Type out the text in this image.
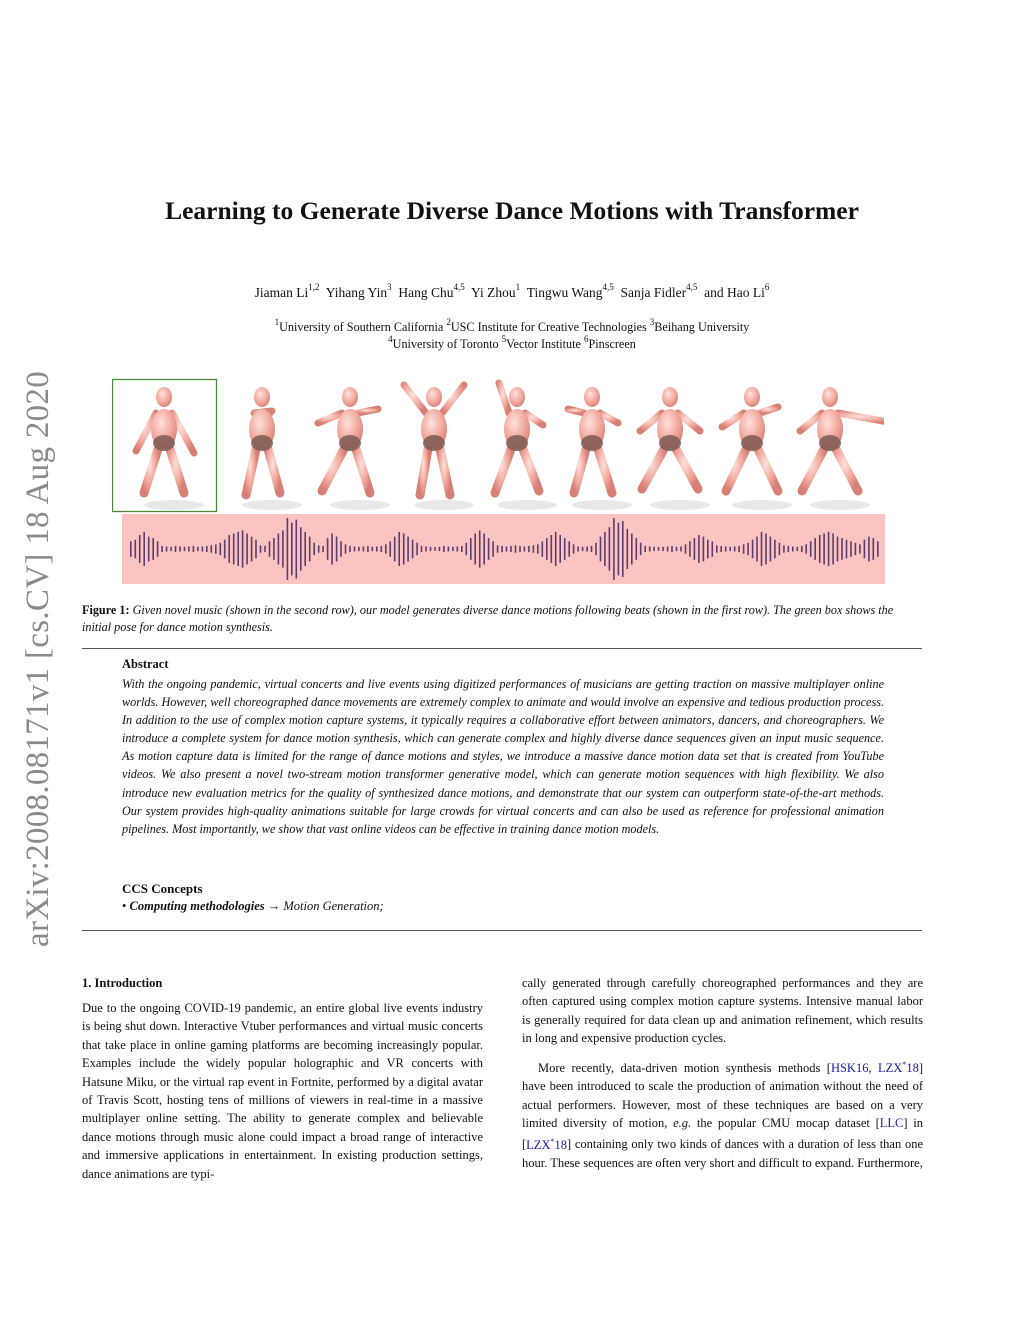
arXiv:2008.08171v1 [cs.CV] 18 Aug 2020
Learning to Generate Diverse Dance Motions with Transformer
Jiaman Li$^{1,2}$ Yihang Yin$^3$ Hang Chu$^{4,5}$ Yi Zhou$^1$ Tingwu Wang$^{4,5}$ Sanja Fidler$^{4,5}$ and Hao Li$^6$
$^1$University of Southern California $^2$USC Institute for Creative Technologies $^3$Beihang University
$^4$University of Toronto $^5$Vector Institute $^6$Pinscreen
Figure 1: Given novel music (shown in the second row), our model generates diverse dance motions following beats (shown in the first row). The green box shows the initial pose for dance motion synthesis.
Abstract
With the ongoing pandemic, virtual concerts and live events using digitized performances of musicians are getting traction on massive multiplayer online worlds. However, well choreographed dance movements are extremely complex to animate and would involve an expensive and tedious production process. In addition to the use of complex motion capture systems, it typically requires a collaborative effort between animators, dancers, and choreographers. We introduce a complete system for dance motion synthesis, which can generate complex and highly diverse dance sequences given an input music sequence. As motion capture data is limited for the range of dance motions and styles, we introduce a massive dance motion data set that is created from YouTube videos. We also present a novel two-stream motion transformer generative model, which can generate motion sequences with high flexibility. We also introduce new evaluation metrics for the quality of synthesized dance motions, and demonstrate that our system can outperform state-of-the-art methods. Our system provides high-quality animations suitable for large crowds for virtual concerts and can also be used as reference for professional animation pipelines. Most importantly, we show that vast online videos can be effective in training dance motion models.
CCS Concepts
• Computing methodologies → Motion Generation;
1. Introduction

Due to the ongoing COVID-19 pandemic, an entire global live events industry is being shut down. Interactive Vtuber performances and virtual music concerts that take place in online gaming platforms are becoming increasingly popular. Examples include the widely popular holographic and VR concerts with Hatsune Miku, or the virtual rap event in Fortnite, performed by a digital avatar of Travis Scott, hosting tens of millions of viewers in real-time in a massive multiplayer online setting. The ability to generate complex and believable dance motions through music alone could impact a broad range of interactive and immersive applications in entertainment. In existing production settings, dance animations are typi-

cally generated through carefully choreographed performances and they are often captured using complex motion capture systems. Intensive manual labor is generally required for data clean up and animation refinement, which results in long and expensive production cycles.

More recently, data-driven motion synthesis methods [HSK16, LZX*18] have been introduced to scale the production of animation without the need of actual performers. However, most of these techniques are based on a very limited diversity of motion, e.g. the popular CMU mocap dataset [LLC] in [LZX*18] containing only two kinds of dances with a duration of less than one hour. These sequences are often very short and difficult to expand. Furthermore,
